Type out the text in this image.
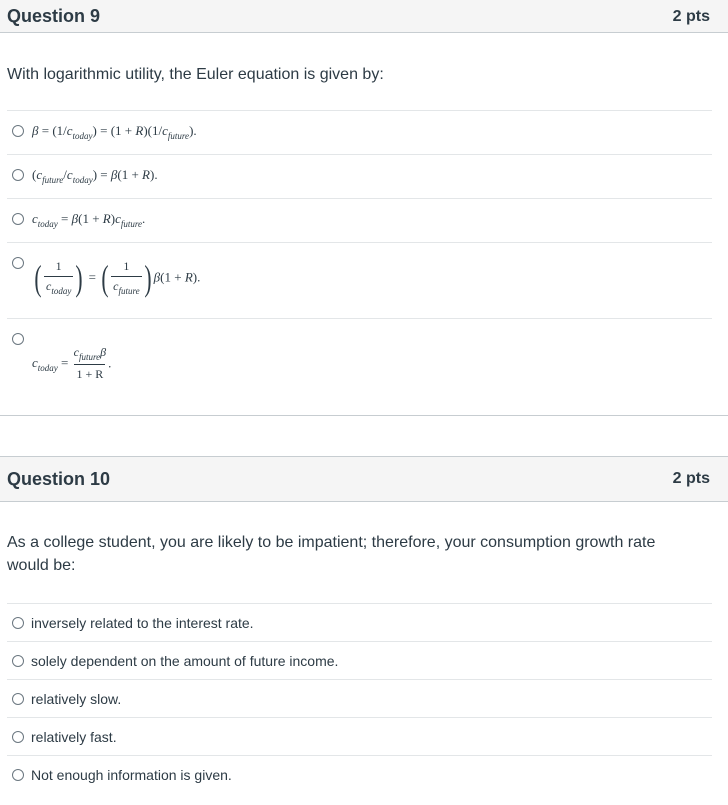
Question 9	2 pts
With logarithmic utility, the Euler equation is given by:
$\beta = (1/c_{today}) = (1 + R)(1/c_{future})$.
$(c_{future}/c_{today}) = \beta(1 + R)$.
$c_{today} = \beta(1 + R)c_{future}$.
( $\frac{1}{c_{today}}$ ) = ( $\frac{1}{c_{future}}$ ) β(1 + R).
$c_{today} = \frac{c_{future}\beta}{1 + R}$ .
Question 10	2 pts
As a college student, you are likely to be impatient; therefore, your consumption growth rate would be:
inversely related to the interest rate.
solely dependent on the amount of future income.
relatively slow.
relatively fast.
Not enough information is given.
